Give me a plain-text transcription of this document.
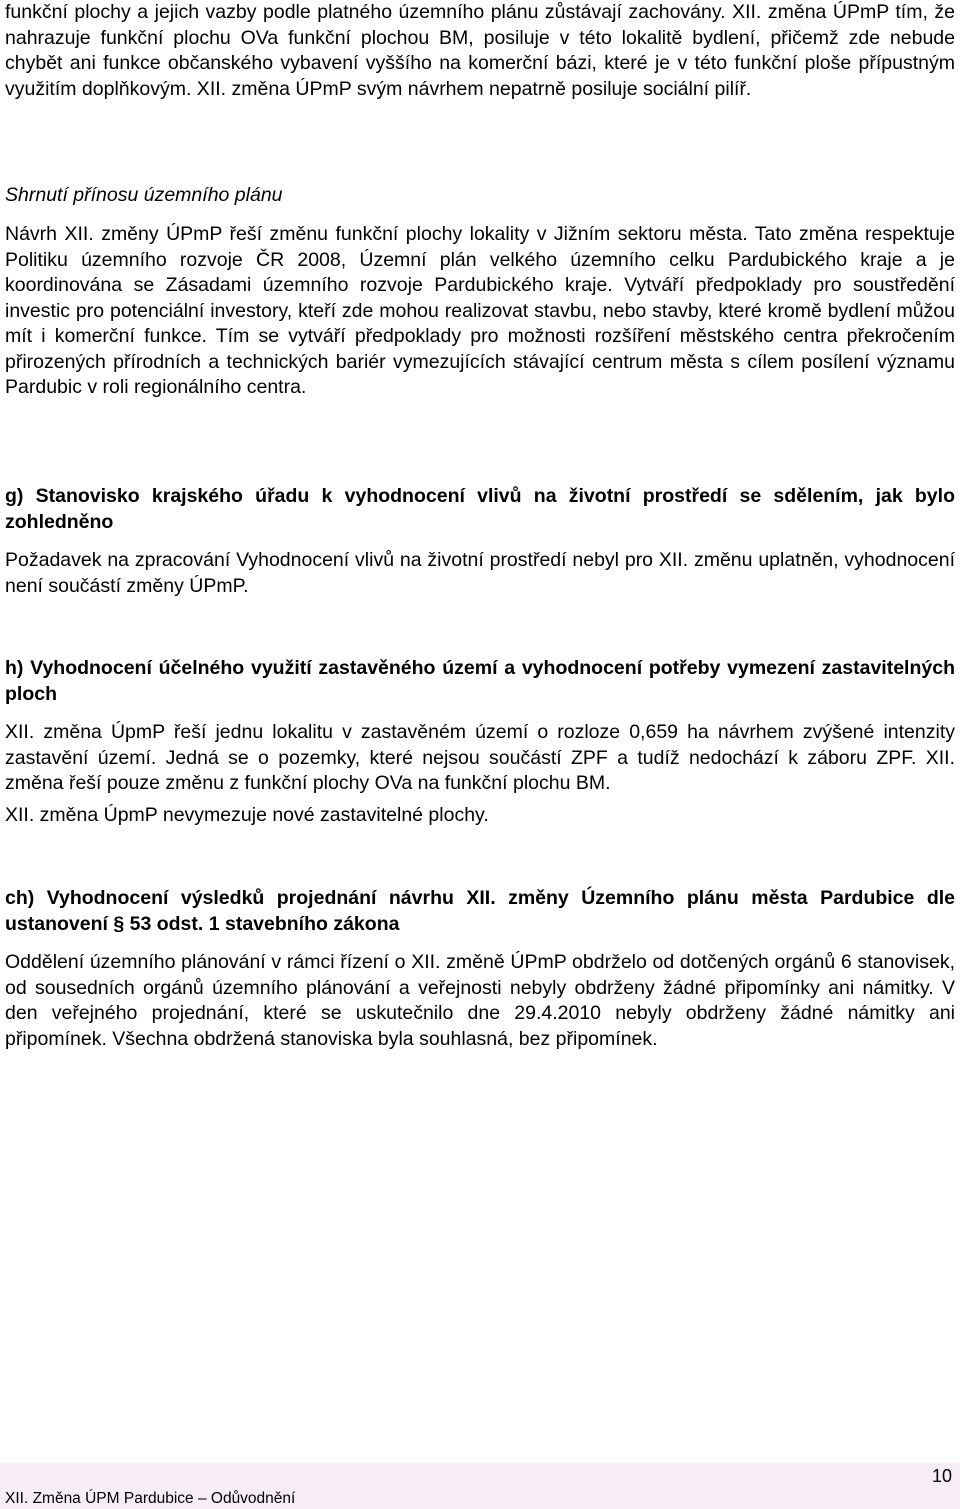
funkční plochy a jejich vazby podle platného územního plánu zůstávají zachovány. XII. změna ÚPmP tím, že nahrazuje funkční plochu OVa funkční plochou BM, posiluje v této lokalitě bydlení, přičemž zde nebude chybět ani funkce občanského vybavení vyššího na komerční bázi, které je v této funkční ploše přípustným využitím doplňkovým. XII. změna ÚPmP svým návrhem nepatrně posiluje sociální pilíř.

Shrnutí přínosu územního plánu

Návrh XII. změny ÚPmP řeší změnu funkční plochy lokality v Jižním sektoru města. Tato změna respektuje Politiku územního rozvoje ČR 2008, Územní plán velkého územního celku Pardubického kraje a je koordinována se Zásadami územního rozvoje Pardubického kraje. Vytváří předpoklady pro soustředění investic pro potenciální investory, kteří zde mohou realizovat stavbu, nebo stavby, které kromě bydlení můžou mít i komerční funkce. Tím se vytváří předpoklady pro možnosti rozšíření městského centra překročením přirozených přírodních a technických bariér vymezujících stávající centrum města s cílem posílení významu Pardubic v roli regionálního centra.

g) Stanovisko krajského úřadu k vyhodnocení vlivů na životní prostředí se sdělením, jak bylo zohledněno

Požadavek na zpracování Vyhodnocení vlivů na životní prostředí nebyl pro XII. změnu uplatněn, vyhodnocení není součástí změny ÚPmP.

h) Vyhodnocení účelného využití zastavěného území a vyhodnocení potřeby vymezení zastavitelných ploch

XII. změna ÚpmP řeší jednu lokalitu v zastavěném území o rozloze 0,659 ha návrhem zvýšené intenzity zastavění území. Jedná se o pozemky, které nejsou součástí ZPF a tudíž nedochází k záboru ZPF. XII. změna řeší pouze změnu z funkční plochy OVa na funkční plochu BM.

XII. změna ÚpmP nevymezuje nové zastavitelné plochy.

ch) Vyhodnocení výsledků projednání návrhu XII. změny Územního plánu města Pardubice dle ustanovení § 53 odst. 1 stavebního zákona

Oddělení územního plánování v rámci řízení o XII. změně ÚPmP obdrželo od dotčených orgánů 6 stanovisek, od sousedních orgánů územního plánování a veřejnosti nebyly obdrženy žádné připomínky ani námitky. V den veřejného projednání, které se uskutečnilo dne 29.4.2010 nebyly obdrženy žádné námitky ani připomínek. Všechna obdržená stanoviska byla souhlasná, bez připomínek.

10
XII. Změna ÚPM Pardubice – Odůvodnění
